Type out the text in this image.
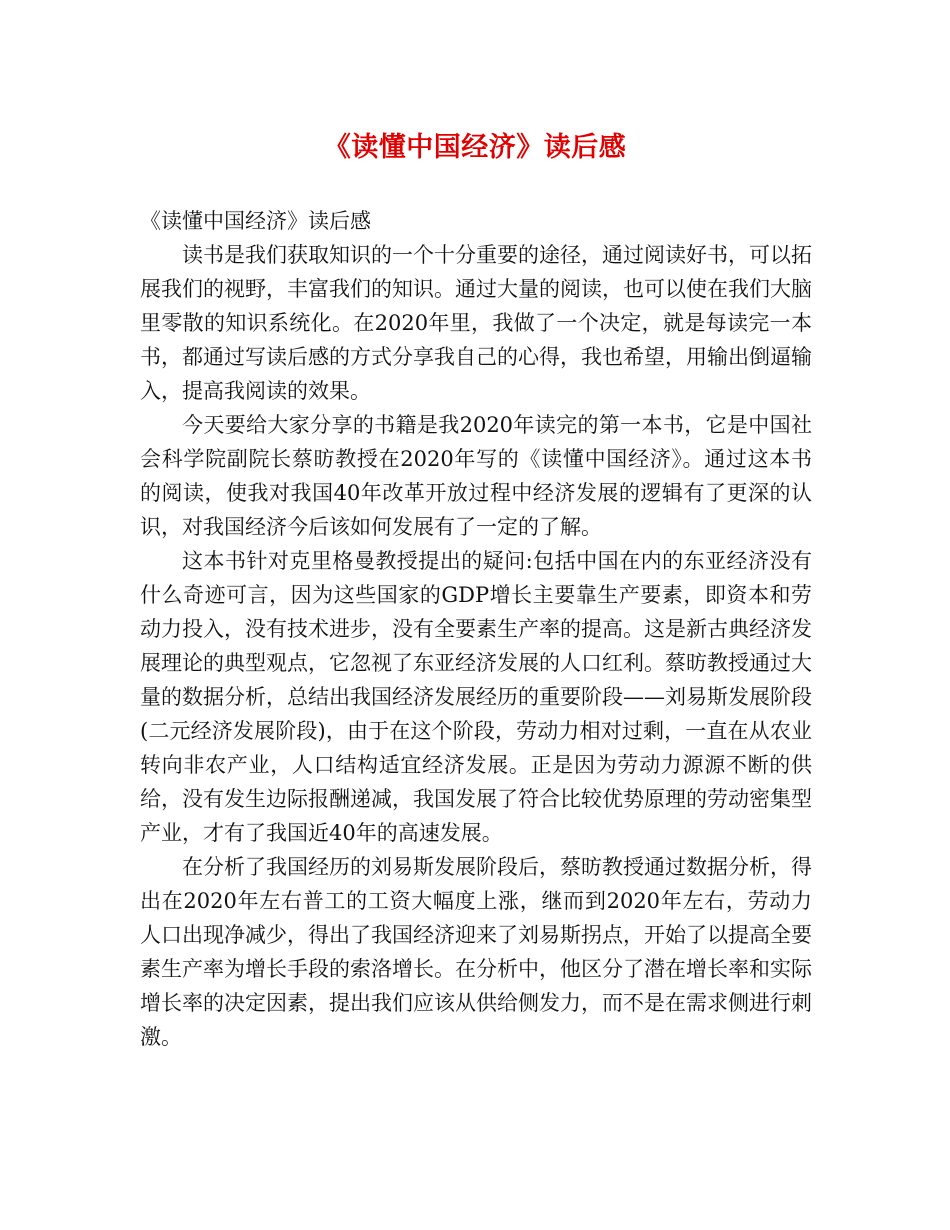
《读懂中国经济》读后感

《读懂中国经济》读后感

读书是我们获取知识的一个十分重要的途径，通过阅读好书，可以拓展我们的视野，丰富我们的知识。通过大量的阅读，也可以使在我们大脑里零散的知识系统化。在2020年里，我做了一个决定，就是每读完一本书，都通过写读后感的方式分享我自己的心得，我也希望，用输出倒逼输入，提高我阅读的效果。

今天要给大家分享的书籍是我2020年读完的第一本书，它是中国社会科学院副院长蔡昉教授在2020年写的《读懂中国经济》。通过这本书的阅读，使我对我国40年改革开放过程中经济发展的逻辑有了更深的认识，对我国经济今后该如何发展有了一定的了解。

这本书针对克里格曼教授提出的疑问:包括中国在内的东亚经济没有什么奇迹可言，因为这些国家的GDP增长主要靠生产要素，即资本和劳动力投入，没有技术进步，没有全要素生产率的提高。这是新古典经济发展理论的典型观点，它忽视了东亚经济发展的人口红利。蔡昉教授通过大量的数据分析，总结出我国经济发展经历的重要阶段——刘易斯发展阶段(二元经济发展阶段)，由于在这个阶段，劳动力相对过剩，一直在从农业转向非农产业，人口结构适宜经济发展。正是因为劳动力源源不断的供给，没有发生边际报酬递减，我国发展了符合比较优势原理的劳动密集型产业，才有了我国近40年的高速发展。

在分析了我国经历的刘易斯发展阶段后，蔡昉教授通过数据分析，得出在2020年左右普工的工资大幅度上涨，继而到2020年左右，劳动力人口出现净减少，得出了我国经济迎来了刘易斯拐点，开始了以提高全要素生产率为增长手段的索洛增长。在分析中，他区分了潜在增长率和实际增长率的决定因素，提出我们应该从供给侧发力，而不是在需求侧进行刺激。
